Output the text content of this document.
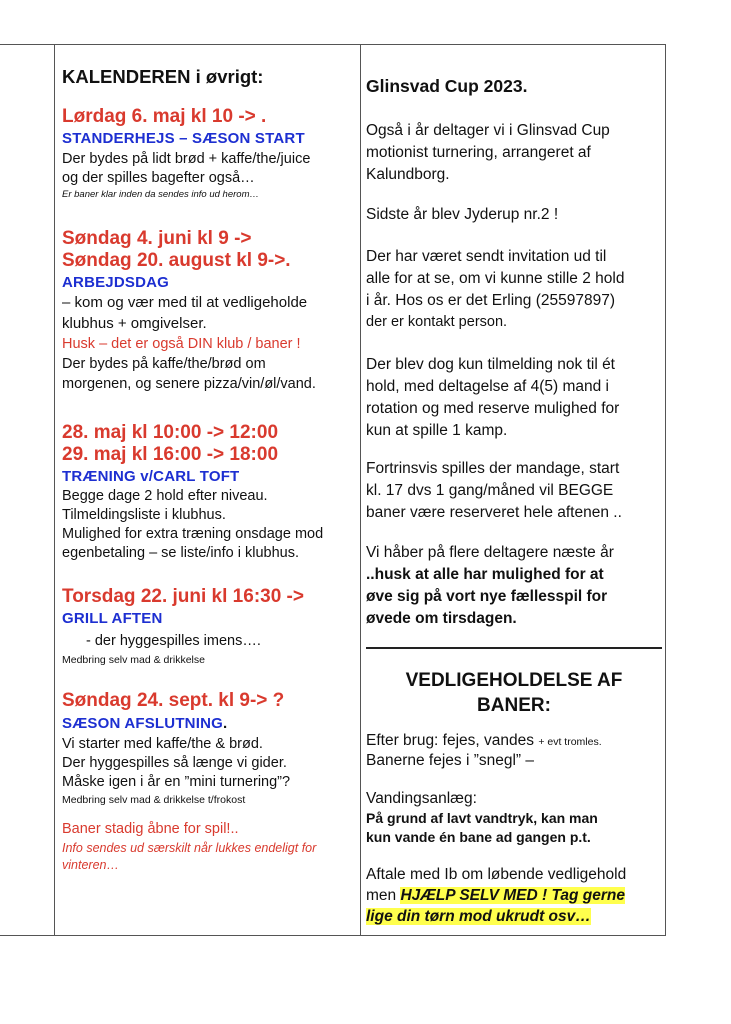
KALENDEREN i øvrigt:
Lørdag 6. maj kl 10 -> .
STANDERHEJS – SÆSON START
Der bydes på lidt brød + kaffe/the/juice
og der spilles bagefter også…
Er baner klar inden da sendes info ud herom…
Søndag 4. juni kl 9 ->
Søndag 20. august kl 9->.
ARBEJDSDAG
– kom og vær med til at vedligeholde
klubhus + omgivelser.
Husk – det er også DIN klub / baner !
Der bydes på kaffe/the/brød om
morgenen, og senere pizza/vin/øl/vand.
28. maj kl 10:00 -> 12:00
29. maj kl 16:00 -> 18:00
TRÆNING v/CARL TOFT
Begge dage 2 hold efter niveau.
Tilmeldingsliste i klubhus.
Mulighed for extra træning onsdage mod
egenbetaling – se liste/info i klubhus.
Torsdag 22. juni kl 16:30 ->
GRILL AFTEN
- der hyggespilles imens….
Medbring selv mad & drikkelse
Søndag 24. sept. kl 9-> ?
SÆSON AFSLUTNING.
Vi starter med kaffe/the & brød.
Der hyggespilles så længe vi gider.
Måske igen i år en ”mini turnering”?
Medbring selv mad & drikkelse t/frokost
Baner stadig åbne for spil!..
Info sendes ud særskilt når lukkes endeligt for
vinteren…
Glinsvad Cup 2023.
Også i år deltager vi i Glinsvad Cup
motionist turnering, arrangeret af
Kalundborg.
Sidste år blev Jyderup nr.2 !
Der har været sendt invitation ud til
alle for at se, om vi kunne stille 2 hold
i år. Hos os er det Erling (25597897)
der er kontakt person.
Der blev dog kun tilmelding nok til ét
hold, med deltagelse af 4(5) mand i
rotation og med reserve mulighed for
kun at spille 1 kamp.
Fortrinsvis spilles der mandage, start
kl. 17 dvs 1 gang/måned vil BEGGE
baner være reserveret hele aftenen ..
Vi håber på flere deltagere næste år
..husk at alle har mulighed for at
øve sig på vort nye fællesspil for
øvede om tirsdagen.
VEDLIGEHOLDELSE AF
BANER:
Efter brug: fejes, vandes + evt tromles.
Banerne fejes i ”snegl” –
Vandingsanlæg:
På grund af lavt vandtryk, kan man
kun vande én bane ad gangen p.t.
Aftale med Ib om løbende vedligehold
men HJÆLP SELV MED ! Tag gerne
lige din tørn mod ukrudt osv…
